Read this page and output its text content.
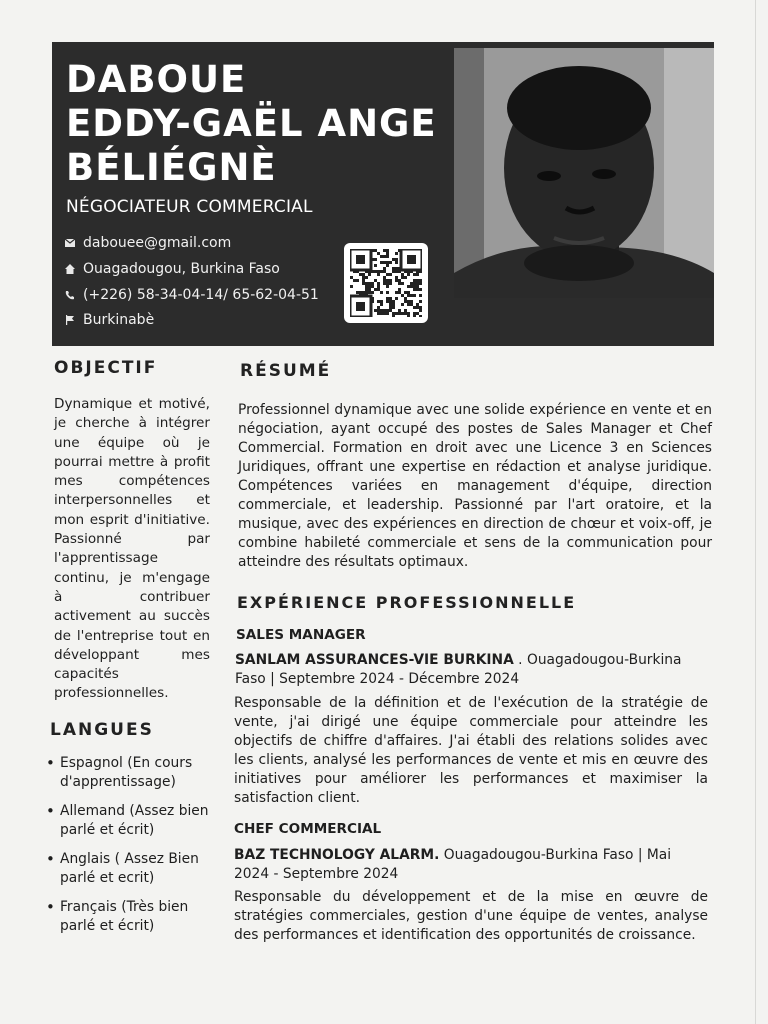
DABOUE
EDDY-GAËL ANGE
BÉLIÉGNÈ
NÉGOCIATEUR COMMERCIAL
dabouee@gmail.com
Ouagadougou, Burkina Faso
(+226) 58-34-04-14/ 65-62-04-51
Burkinabè
OBJECTIF

Dynamique et motivé, je cherche à intégrer une équipe où je pourrai mettre à profit mes compétences interpersonnelles et mon esprit d'initiative. Passionné par l'apprentissage continu, je m'engage à contribuer activement au succès de l'entreprise tout en développant mes capacités professionnelles.

LANGUES
• Espagnol (En cours d'apprentissage)
• Allemand (Assez bien parlé et écrit)
• Anglais ( Assez Bien parlé et ecrit)
• Français (Très bien parlé et écrit)
RÉSUMÉ

Professionnel dynamique avec une solide expérience en vente et en négociation, ayant occupé des postes de Sales Manager et Chef Commercial. Formation en droit avec une Licence 3 en Sciences Juridiques, offrant une expertise en rédaction et analyse juridique. Compétences variées en management d'équipe, direction commerciale, et leadership. Passionné par l'art oratoire, et la musique, avec des expériences en direction de chœur et voix-off, je combine habileté commerciale et sens de la communication pour atteindre des résultats optimaux.

EXPÉRIENCE PROFESSIONNELLE
SALES MANAGER

SANLAM ASSURANCES-VIE BURKINA . Ouagadougou-Burkina Faso | Septembre 2024 - Décembre 2024

Responsable de la définition et de l'exécution de la stratégie de vente, j'ai dirigé une équipe commerciale pour atteindre les objectifs de chiffre d'affaires. J'ai établi des relations solides avec les clients, analysé les performances de vente et mis en œuvre des initiatives pour améliorer les performances et maximiser la satisfaction client.

CHEF COMMERCIAL

BAZ TECHNOLOGY ALARM. Ouagadougou-Burkina Faso | Mai 2024 - Septembre 2024

Responsable du développement et de la mise en œuvre de stratégies commerciales, gestion d'une équipe de ventes, analyse des performances et identification des opportunités de croissance.
